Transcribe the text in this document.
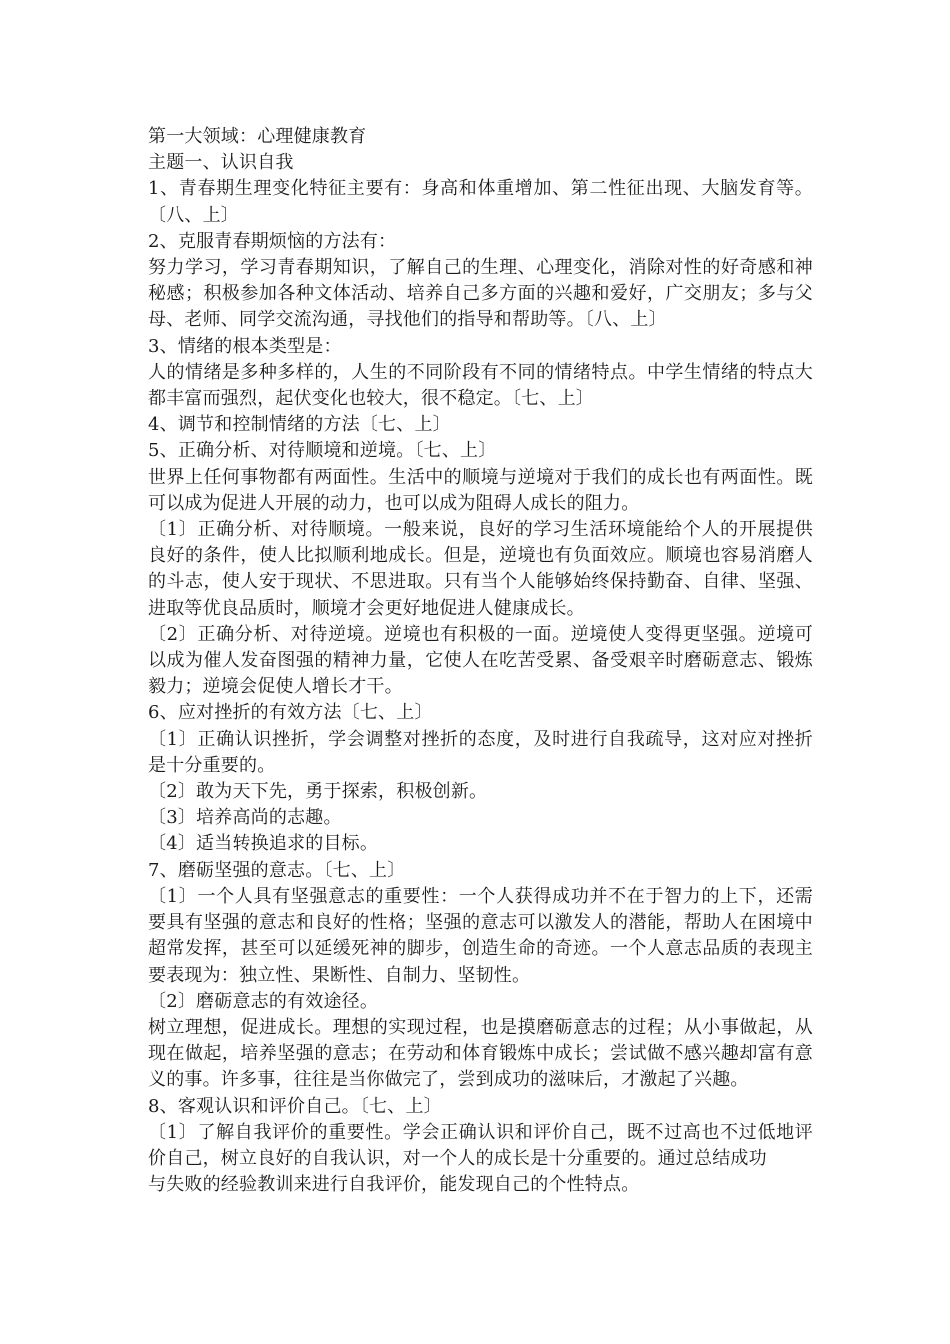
第一大领域：心理健康教育
主题一、认识自我
1、青春期生理变化特征主要有：身高和体重增加、第二性征出现、大脑发育等。〔八、上〕
2、克服青春期烦恼的方法有：
努力学习，学习青春期知识，了解自己的生理、心理变化，消除对性的好奇感和神秘感；积极参加各种文体活动、培养自己多方面的兴趣和爱好，广交朋友；多与父母、老师、同学交流沟通，寻找他们的指导和帮助等。〔八、上〕
3、情绪的根本类型是：
人的情绪是多种多样的，人生的不同阶段有不同的情绪特点。中学生情绪的特点大都丰富而强烈，起伏变化也较大，很不稳定。〔七、上〕
4、调节和控制情绪的方法〔七、上〕
5、正确分析、对待顺境和逆境。〔七、上〕
世界上任何事物都有两面性。生活中的顺境与逆境对于我们的成长也有两面性。既可以成为促进人开展的动力，也可以成为阻碍人成长的阻力。
〔1〕正确分析、对待顺境。一般来说，良好的学习生活环境能给个人的开展提供良好的条件，使人比拟顺利地成长。但是，逆境也有负面效应。顺境也容易消磨人的斗志，使人安于现状、不思进取。只有当个人能够始终保持勤奋、自律、坚强、进取等优良品质时，顺境才会更好地促进人健康成长。
〔2〕正确分析、对待逆境。逆境也有积极的一面。逆境使人变得更坚强。逆境可以成为催人发奋图强的精神力量，它使人在吃苦受累、备受艰辛时磨砺意志、锻炼毅力；逆境会促使人增长才干。
6、应对挫折的有效方法〔七、上〕
〔1〕正确认识挫折，学会调整对挫折的态度，及时进行自我疏导，这对应对挫折是十分重要的。
〔2〕敢为天下先，勇于探索，积极创新。
〔3〕培养高尚的志趣。
〔4〕适当转换追求的目标。
7、磨砺坚强的意志。〔七、上〕
〔1〕一个人具有坚强意志的重要性：一个人获得成功并不在于智力的上下，还需要具有坚强的意志和良好的性格；坚强的意志可以激发人的潜能，帮助人在困境中超常发挥，甚至可以延缓死神的脚步，创造生命的奇迹。一个人意志品质的表现主要表现为：独立性、果断性、自制力、坚韧性。
〔2〕磨砺意志的有效途径。
树立理想，促进成长。理想的实现过程，也是摸磨砺意志的过程；从小事做起，从现在做起，培养坚强的意志；在劳动和体育锻炼中成长；尝试做不感兴趣却富有意义的事。许多事，往往是当你做完了，尝到成功的滋味后，才激起了兴趣。
8、客观认识和评价自己。〔七、上〕
〔1〕了解自我评价的重要性。学会正确认识和评价自己，既不过高也不过低地评价自己，树立良好的自我认识，对一个人的成长是十分重要的。通过总结成功
与失败的经验教训来进行自我评价，能发现自己的个性特点。
